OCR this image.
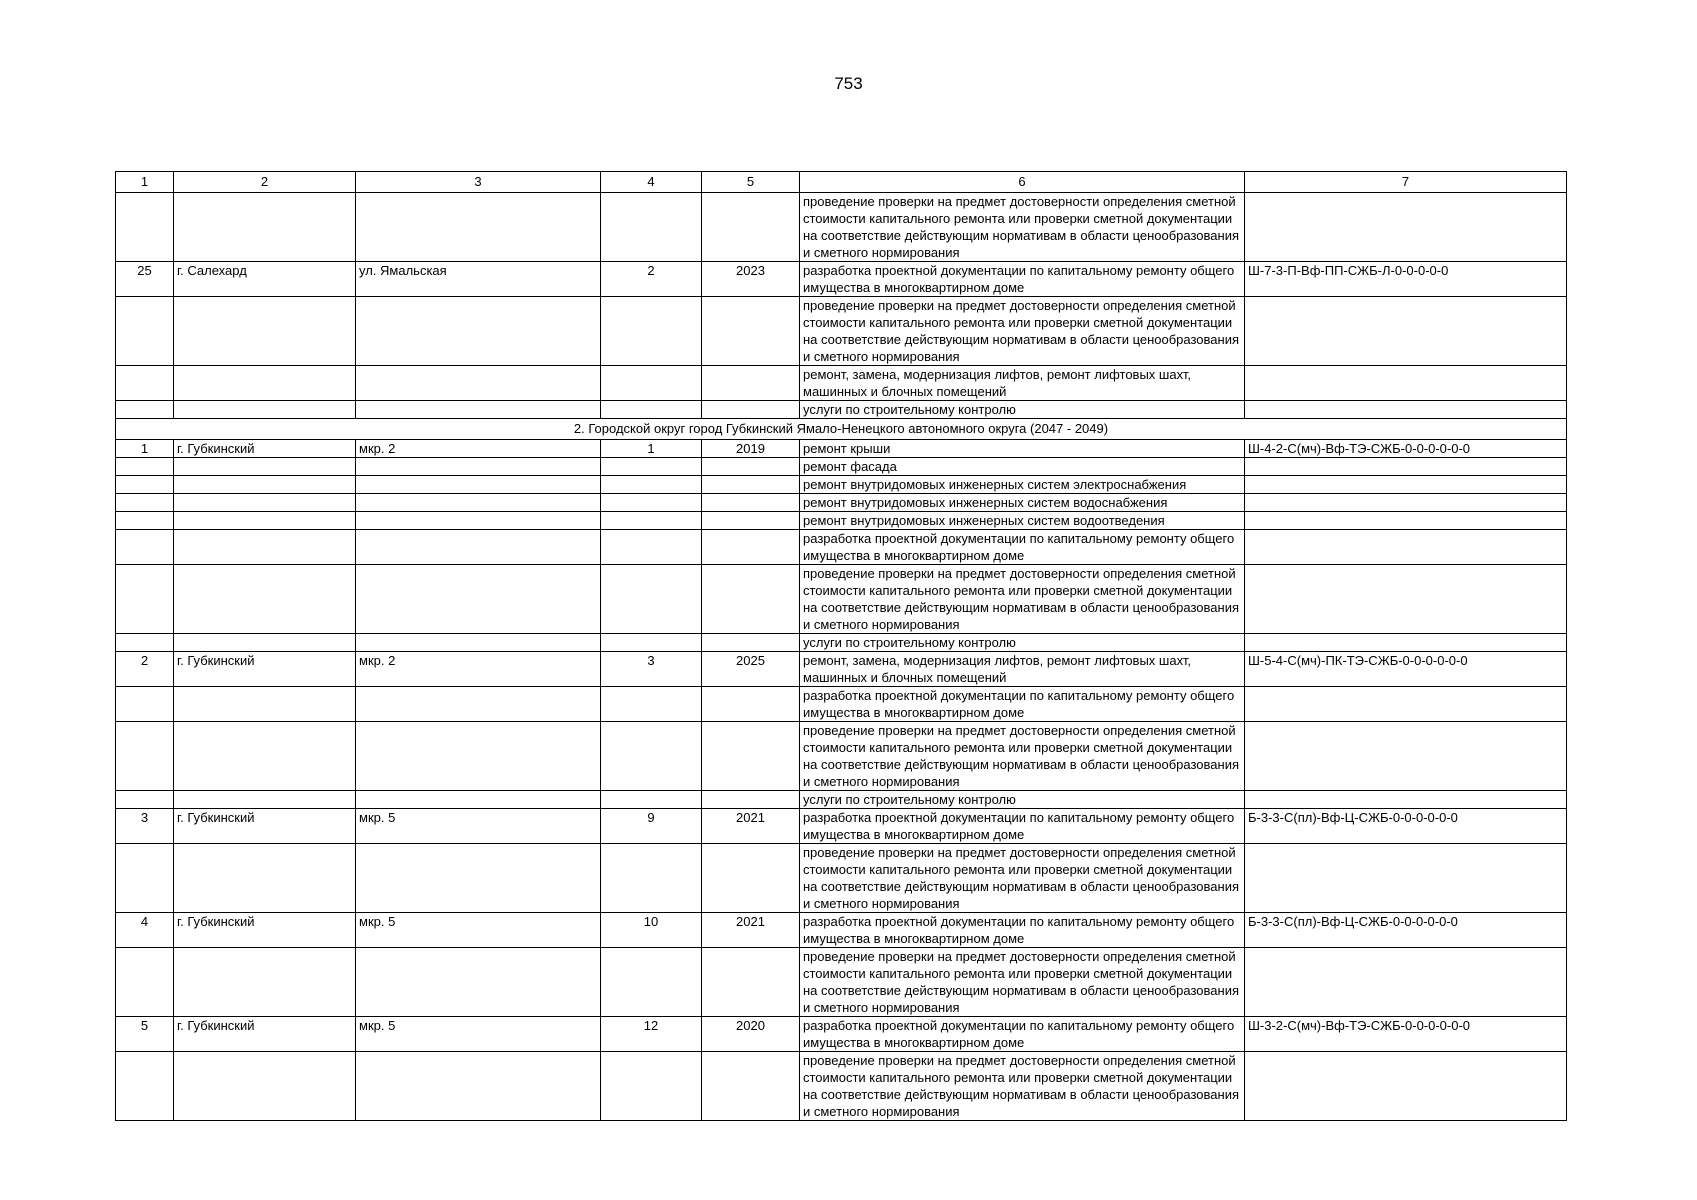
753
1	2	3	4	5	6	7
					проведение проверки на предмет достоверности определения сметной стоимости капитального ремонта или проверки сметной документации на соответствие действующим нормативам в области ценообразования и сметного нормирования	
25	г. Салехард	ул. Ямальская	2	2023	разработка проектной документации по капитальному ремонту общего имущества в многоквартирном доме	Ш-7-3-П-Вф-ПП-СЖБ-Л-0-0-0-0-0
					проведение проверки на предмет достоверности определения сметной стоимости капитального ремонта или проверки сметной документации на соответствие действующим нормативам в области ценообразования и сметного нормирования	
					ремонт, замена, модернизация лифтов, ремонт лифтовых шахт, машинных и блочных помещений	
					услуги по строительному контролю	
2. Городской округ город Губкинский Ямало-Ненецкого автономного округа (2047 - 2049)						
1	г. Губкинский	мкр. 2	1	2019	ремонт крыши	Ш-4-2-С(мч)-Вф-ТЭ-СЖБ-0-0-0-0-0-0
					ремонт фасада	
					ремонт внутридомовых инженерных систем электроснабжения	
					ремонт внутридомовых инженерных систем водоснабжения	
					ремонт внутридомовых инженерных систем водоотведения	
					разработка проектной документации по капитальному ремонту общего имущества в многоквартирном доме	
					проведение проверки на предмет достоверности определения сметной стоимости капитального ремонта или проверки сметной документации на соответствие действующим нормативам в области ценообразования и сметного нормирования	
					услуги по строительному контролю	
2	г. Губкинский	мкр. 2	3	2025	ремонт, замена, модернизация лифтов, ремонт лифтовых шахт, машинных и блочных помещений	Ш-5-4-С(мч)-ПК-ТЭ-СЖБ-0-0-0-0-0-0
					разработка проектной документации по капитальному ремонту общего имущества в многоквартирном доме	
					проведение проверки на предмет достоверности определения сметной стоимости капитального ремонта или проверки сметной документации на соответствие действующим нормативам в области ценообразования и сметного нормирования	
					услуги по строительному контролю	
3	г. Губкинский	мкр. 5	9	2021	разработка проектной документации по капитальному ремонту общего имущества в многоквартирном доме	Б-3-3-С(пл)-Вф-Ц-СЖБ-0-0-0-0-0-0
					проведение проверки на предмет достоверности определения сметной стоимости капитального ремонта или проверки сметной документации на соответствие действующим нормативам в области ценообразования и сметного нормирования	
4	г. Губкинский	мкр. 5	10	2021	разработка проектной документации по капитальному ремонту общего имущества в многоквартирном доме	Б-3-3-С(пл)-Вф-Ц-СЖБ-0-0-0-0-0-0
					проведение проверки на предмет достоверности определения сметной стоимости капитального ремонта или проверки сметной документации на соответствие действующим нормативам в области ценообразования и сметного нормирования	
5	г. Губкинский	мкр. 5	12	2020	разработка проектной документации по капитальному ремонту общего имущества в многоквартирном доме	Ш-3-2-С(мч)-Вф-ТЭ-СЖБ-0-0-0-0-0-0
					проведение проверки на предмет достоверности определения сметной стоимости капитального ремонта или проверки сметной документации на соответствие действующим нормативам в области ценообразования и сметного нормирования	
